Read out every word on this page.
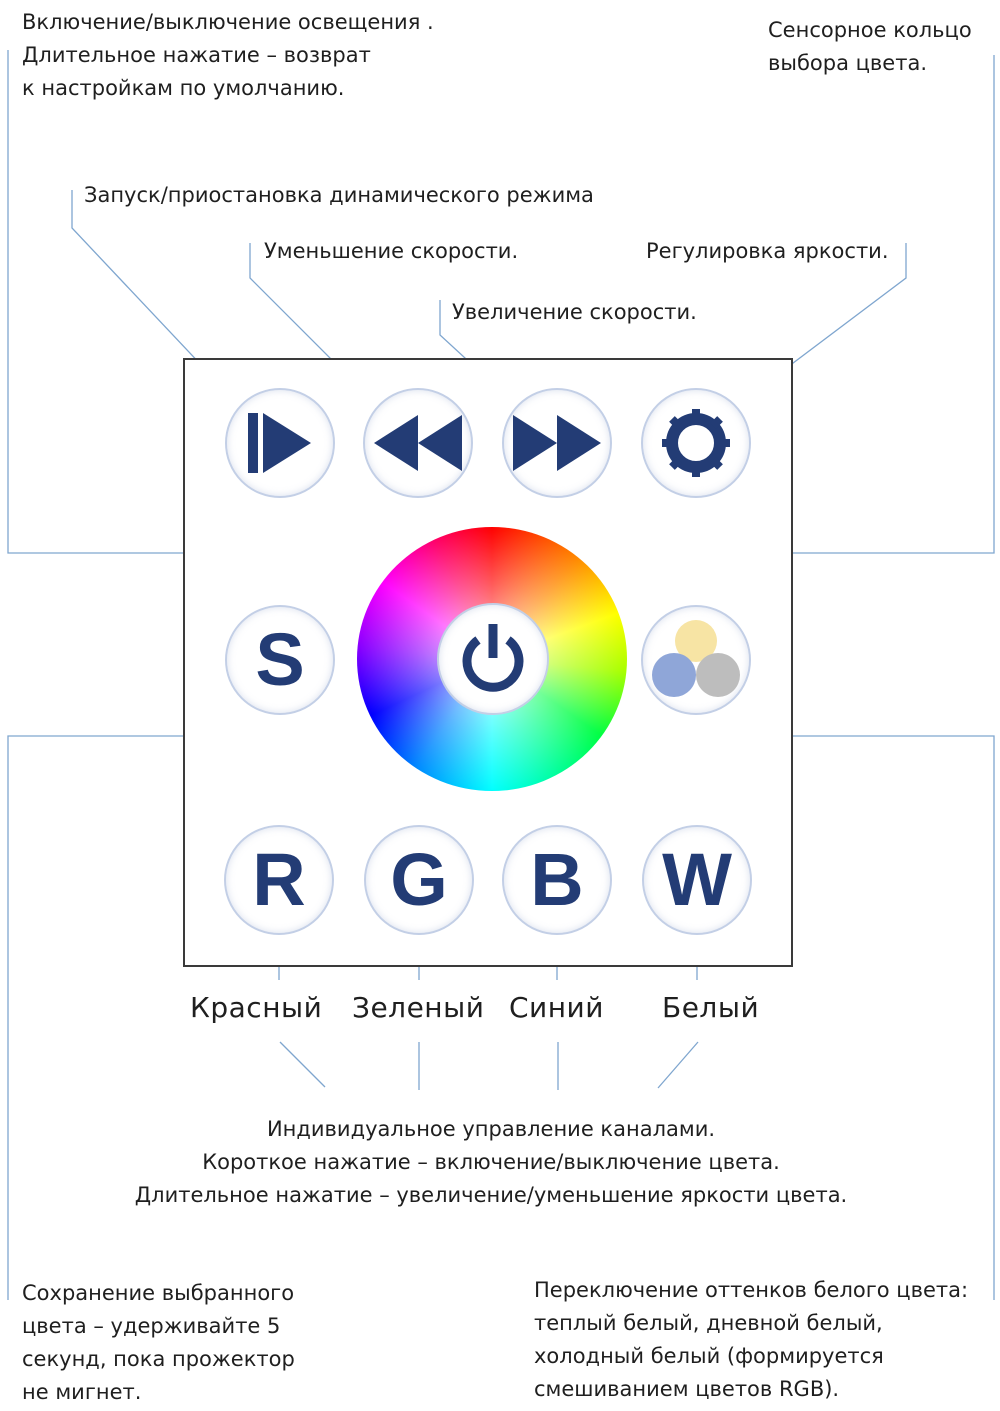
Включение/выключение освещения .
Длительное нажатие – возврат
к настройкам по умолчанию.
Сенсорное кольцо
выбора цвета.
Запуск/приостановка динамического режима
Уменьшение скорости.	Регулировка яркости.
Увеличение скорости.
S
R G B W
Красный Зеленый Синий Белый
Индивидуальное управление каналами.
Короткое нажатие – включение/выключение цвета.
Длительное нажатие – увеличение/уменьшение яркости цвета.
Сохранение выбранного
цвета – удерживайте 5
секунд, пока прожектор
не мигнет.
Переключение оттенков белого цвета:
теплый белый, дневной белый,
холодный белый (формируется
смешиванием цветов RGB).
